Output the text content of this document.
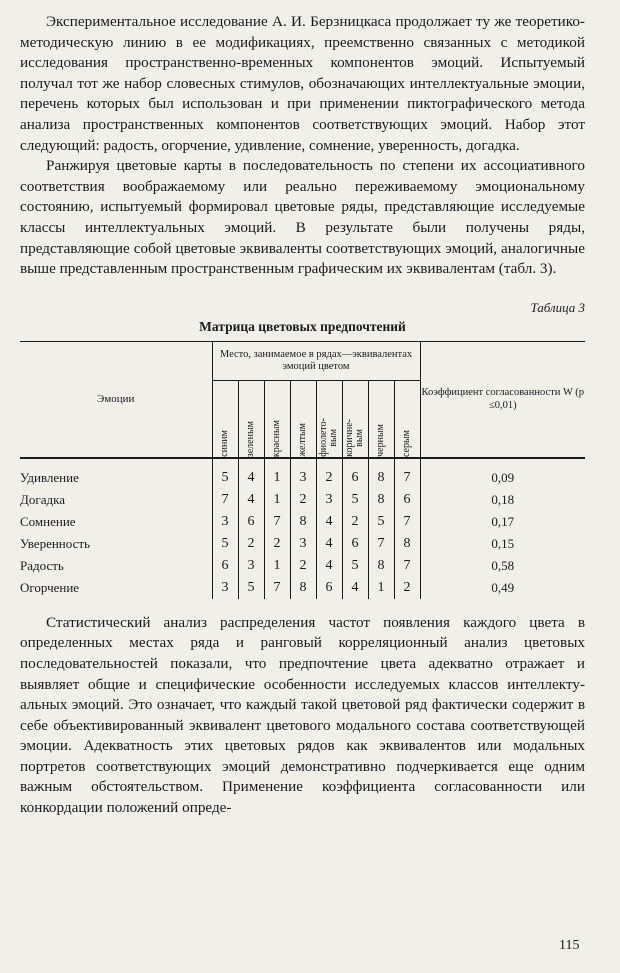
Экспериментальное исследование А. И. Берзницкаса продолжает ту же теоретико-методическую линию в ее модификациях, преемственно связанных с методикой исследования пространственно-временных компонентов эмоций. Испытуемый получал тот же набор словесных стимулов, обозначающих интеллектуальные эмоции, перечень которых был использован и при применении пиктографического метода анализа пространственных компонентов соответствующих эмоций. Набор этот следующий: радость, огорчение, удивление, сомнение, уверенность, догадка.

Ранжируя цветовые карты в последовательность по степени их ассоциативного соответствия воображаемому или реально переживаемому эмоциональному состоянию, испытуемый формировал цветовые ряды, представляющие исследуемые классы интеллектуальных эмоций. В результате были получены ряды, представляющие собой цветовые эквиваленты соответствующих эмоций, аналогичные выше представленным пространственным графическим их эквивалентам (табл. 3).

Таблица 3
Матрица цветовых предпочтений
Эмоции	Место, занимаемое в рядах—эквивалентах эмоций цветом								Коэффициент согласованности W (p ≤0,01)

	синим	зеленым	красным	желтым	фиолето-
вым	коричне-
вым	черным	серым	

Удивление	5	4	1	3	2	6	8	7	0,09
Догадка	7	4	1	2	3	5	8	6	0,18
Сомнение	3	6	7	8	4	2	5	7	0,17
Уверенность	5	2	2	3	4	6	7	8	0,15
Радость	6	3	1	2	4	5	8	7	0,58
Огорчение	3	5	7	8	6	4	1	2	0,49

Статистический анализ распределения частот появления каждого цвета в определенных местах ряда и ранговый корреляционный анализ цветовых последовательностей показали, что предпочтение цвета адекватно отражает и выявляет общие и специфические особенности исследуемых классов интеллектуальных эмоций. Это означает, что каждый такой цветовой ряд фактически содержит в себе объективированный эквивалент цветового модального состава соответствующей эмоции. Адекватность этих цветовых рядов как эквивалентов или модальных портретов соответствующих эмоций демонстративно подчеркивается еще одним важным обстоятельством. Применение коэффициента согласованности или конкордации положений опреде-

115
